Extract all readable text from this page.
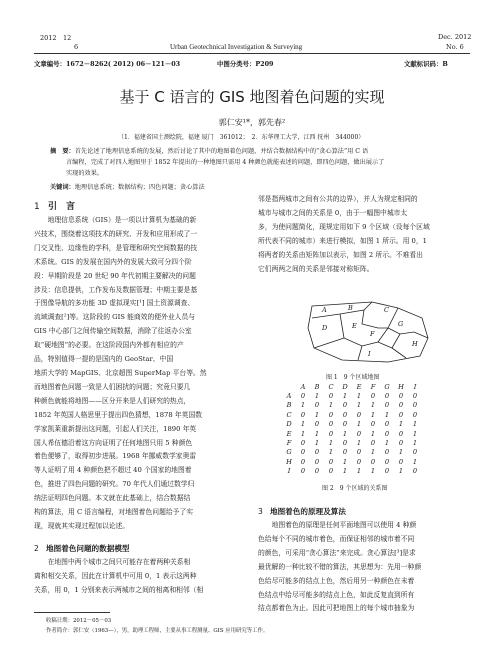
2012　12
6	Urban Geotechnical Investigation & Surveying
Dec. 2012
No. 6
文章编号：1672－8262( 2012) 06－121－03	中图分类号：P209	文献标识码：B
基于 C 语言的 GIS 地图着色问题的实现
郭仁安¹*，郭先春²
（1．福建省国土测绘院，福建 厦门　361012；　2．东华理工大学，江西 抚州　344000）
摘　要：首先论述了地理信息系统的发展，然后讨论了其中的地图着色问题，并结合数据结构中的“贪心算法”用 C 语
言编程，完成了对四人地图里于 1852 年提出的一种地图只需用 4 种颜色就能表述的问题，即四色问题，做出展示了
实现的效果。
关键词：地理信息系统；数据结构；四色问题；贪心算法
1 引　言

　　地理信息系统（GIS）是一项以计算机为基础的新

兴技术，围绕着这项技术的研究、开发和应用形成了一

门交叉性、边缘性的学科，是管理和研究空间数据的技

术系统。GIS 的发展在国内外的发展大致可分四个阶

段：早期阶段是 20 世纪 90 年代初期主要解决的问题

涉及：信息提供，工作发布及数据管理；中期主要是基

于图像导航的多功能 3D 虚拟现实[¹] 国土资源调查、

流域调查[²]等。这阶段的 GIS 能商效的便外业人员与

GIS 中心部门之间传输空间数据，消除了往返办公室

取“硬地图”的必要。在这阶段国内外都有相应的产

品，特别值得一提的是国内的 GeoStar、中国

地质大学的 MapGIS、北京超图 SuperMap 平台等。然

而地图着色问题一致是人们困扰的问题；究竟只要几

种颜色就能将地图——区分开来是人们研究的热点，

1852 年英国人格思里于提出四色猜想，1878 年英国数

学家凯莱重新提出这问题，引起人们关注，1890 年英

国人希伍德沿着这方向证明了任何地图只用 5 种颜色

着色便够了，取得初步进展。1968 年挪威数学家奥雷

等人证明了用 4 种颜色把不超过 40 个国家的地图着

色，推进了四色问题的研究。70 年代人们通过数学归

纳法证明四色问题。本文就在此基础上，结合数据结

构的算法，用 C 语言编程，对地图着色问题给予了实

现，现就其实现过程加以论述。

2 地图着色问题的数据模型

　　在地图中两个城市之间只可能存在着两种关系相

离和相交关系，因此在计算机中可用 0，1 表示这两种

关系，用 0，1 分别来表示两城市之间的相离和相邻（相

邻是指两城市之间有公共的边界），并人为规定相同的

城市与城市之间的关系是 0，由于一幅图中城市太

多，为使问题简化，现规定用如下 9 个区域（设每个区域

所代表不同的城市）来进行模拟，如图 1 所示。用 0，1

将两者的关系由矩阵加以表示，如图 2 所示。不难看出

它们两两之间的关系是邻接对称矩阵。

A	B	C
D	E
F
G
H
I
图 1　9 个区域地图
	A	B	C	D	E	F	G	H	I
A	0	1	0	1	1	0	0	0	0
B	1	0	1	0	1	1	0	0	0
C	0	1	0	0	0	1	1	0	0
D	1	0	0	0	1	0	0	1	1
E	1	1	0	1	0	1	0	0	1
F	0	1	1	0	1	0	1	0	1
G	0	0	1	0	0	1	0	1	0
H	0	0	0	1	0	0	0	0	1
I	0	0	0	1	1	1	0	1	0
图 2　9 个区域的关系图
3 地图着色的原理及算法

　　地图着色的原理是任何平面地图可以使用 4 种颜

色给每个不同的城市着色，而保证相邻的城市着不同

的颜色，可采用“贪心算法”来完成。贪心算法[³]是求

最优解的一种比较不错的算法，其思想为：先用一种颜

色给尽可能多的结点上色，然后用另一种颜色在未着

色结点中给尽可能多的结点上色，如此反复直到所有

结点都着色为止。因此可把地图上的每个城市抽象为

收稿日期：2012－05－03
作者简介：郭仁安（1963—），男，助理工程师，主要从事工程测量、GIS 应用研究等工作。
